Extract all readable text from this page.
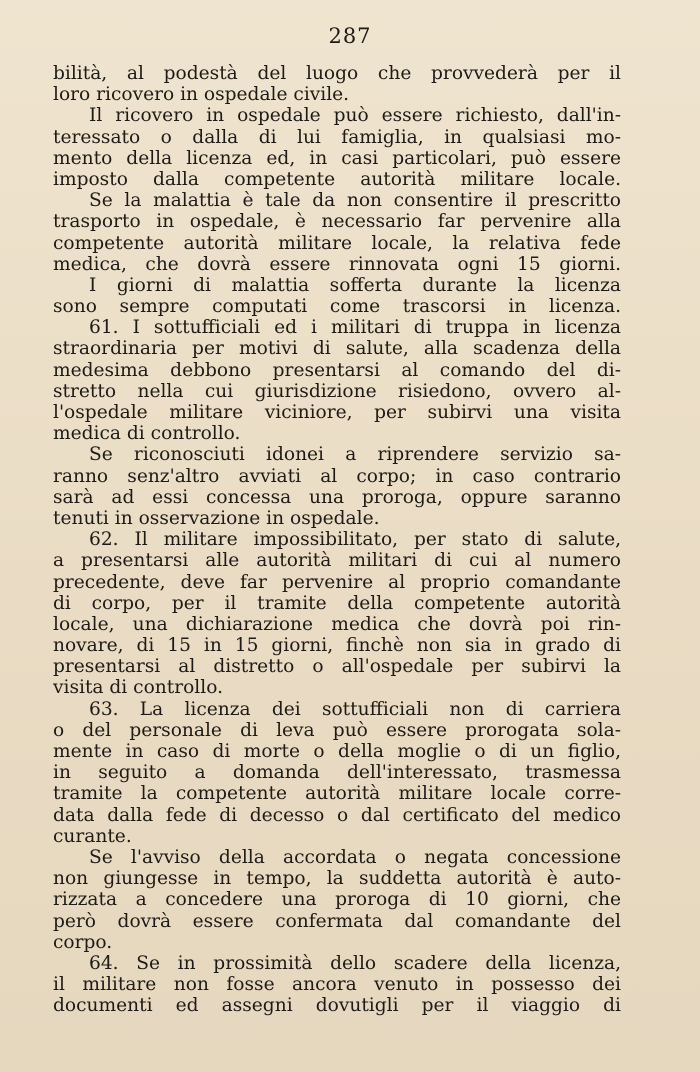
287
bilità, al podestà del luogo che provvederà per il
loro ricovero in ospedale civile.
Il ricovero in ospedale può essere richiesto, dall'in-
teressato o dalla di lui famiglia, in qualsiasi mo-
mento della licenza ed, in casi particolari, può essere
imposto dalla competente autorità militare locale.
Se la malattia è tale da non consentire il prescritto
trasporto in ospedale, è necessario far pervenire alla
competente autorità militare locale, la relativa fede
medica, che dovrà essere rinnovata ogni 15 giorni.
I giorni di malattia sofferta durante la licenza
sono sempre computati come trascorsi in licenza.
61. I sottufficiali ed i militari di truppa in licenza
straordinaria per motivi di salute, alla scadenza della
medesima debbono presentarsi al comando del di-
stretto nella cui giurisdizione risiedono, ovvero al-
l'ospedale militare viciniore, per subirvi una visita
medica di controllo.
Se riconosciuti idonei a riprendere servizio sa-
ranno senz'altro avviati al corpo; in caso contrario
sarà ad essi concessa una proroga, oppure saranno
tenuti in osservazione in ospedale.
62. Il militare impossibilitato, per stato di salute,
a presentarsi alle autorità militari di cui al numero
precedente, deve far pervenire al proprio comandante
di corpo, per il tramite della competente autorità
locale, una dichiarazione medica che dovrà poi rin-
novare, di 15 in 15 giorni, finchè non sia in grado di
presentarsi al distretto o all'ospedale per subirvi la
visita di controllo.
63. La licenza dei sottufficiali non di carriera
o del personale di leva può essere prorogata sola-
mente in caso di morte o della moglie o di un figlio,
in seguito a domanda dell'interessato, trasmessa
tramite la competente autorità militare locale corre-
data dalla fede di decesso o dal certificato del medico
curante.
Se l'avviso della accordata o negata concessione
non giungesse in tempo, la suddetta autorità è auto-
rizzata a concedere una proroga di 10 giorni, che
però dovrà essere confermata dal comandante del
corpo.
64. Se in prossimità dello scadere della licenza,
il militare non fosse ancora venuto in possesso dei
documenti ed assegni dovutigli per il viaggio di
